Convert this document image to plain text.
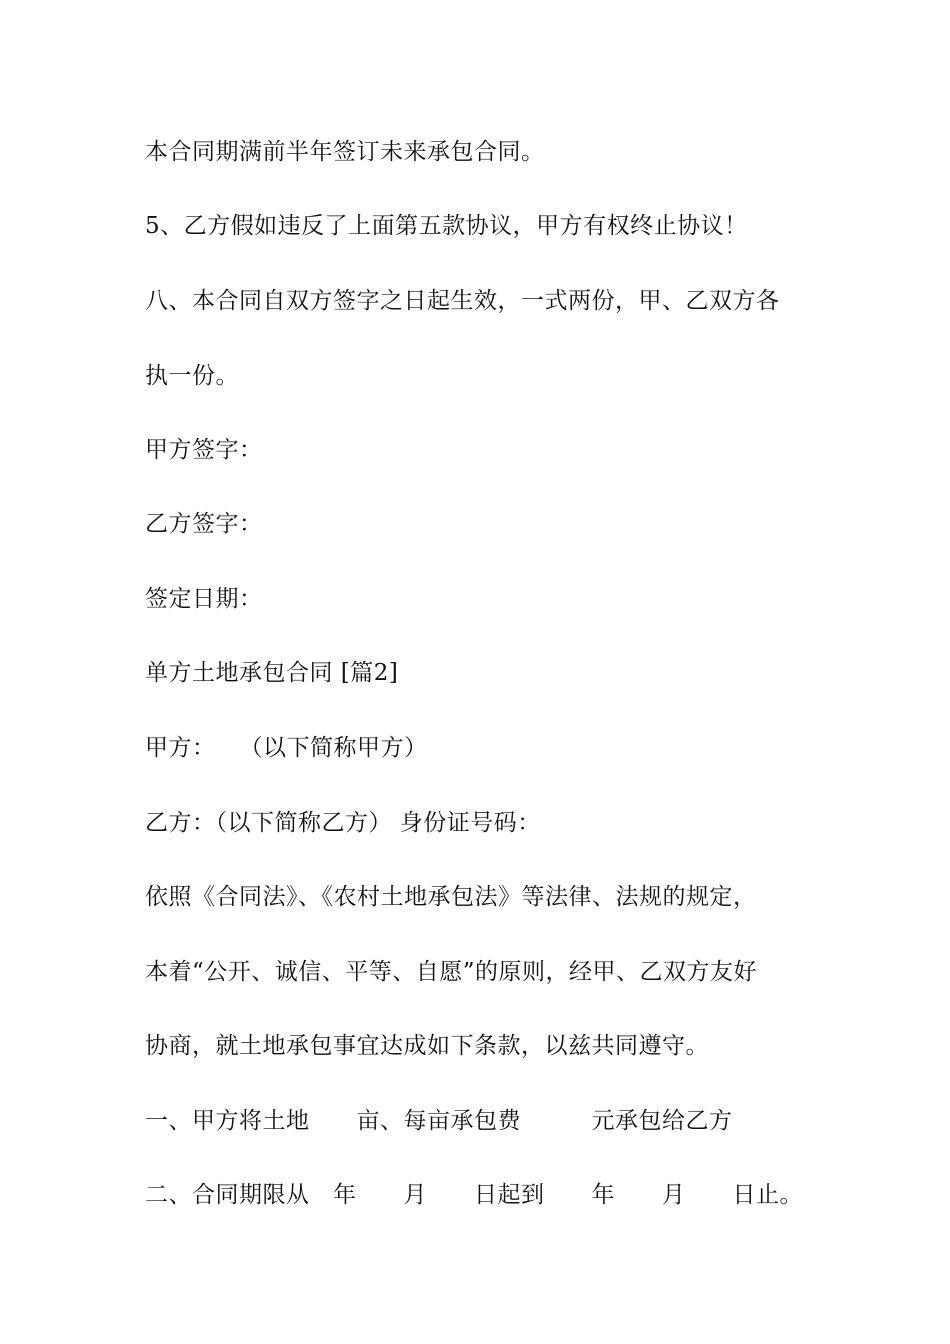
本合同期满前半年签订未来承包合同。
5、乙方假如违反了上面第五款协议，甲方有权终止协议！
八、本合同自双方签字之日起生效，一式两份，甲、乙双方各
执一份。
甲方签字：
乙方签字：
签定日期：
单方土地承包合同 [篇2]
甲方：　　（以下简称甲方）
乙方：（以下简称乙方） 身份证号码：
依照《合同法》、《农村土地承包法》等法律、法规的规定，
本着“公开、诚信、平等、自愿”的原则，经甲、乙双方友好
协商，就土地承包事宜达成如下条款，以兹共同遵守。
一、甲方将土地　　亩、每亩承包费　　　元承包给乙方
二、合同期限从　年　　月　　日起到　　年　　月　　日止。
